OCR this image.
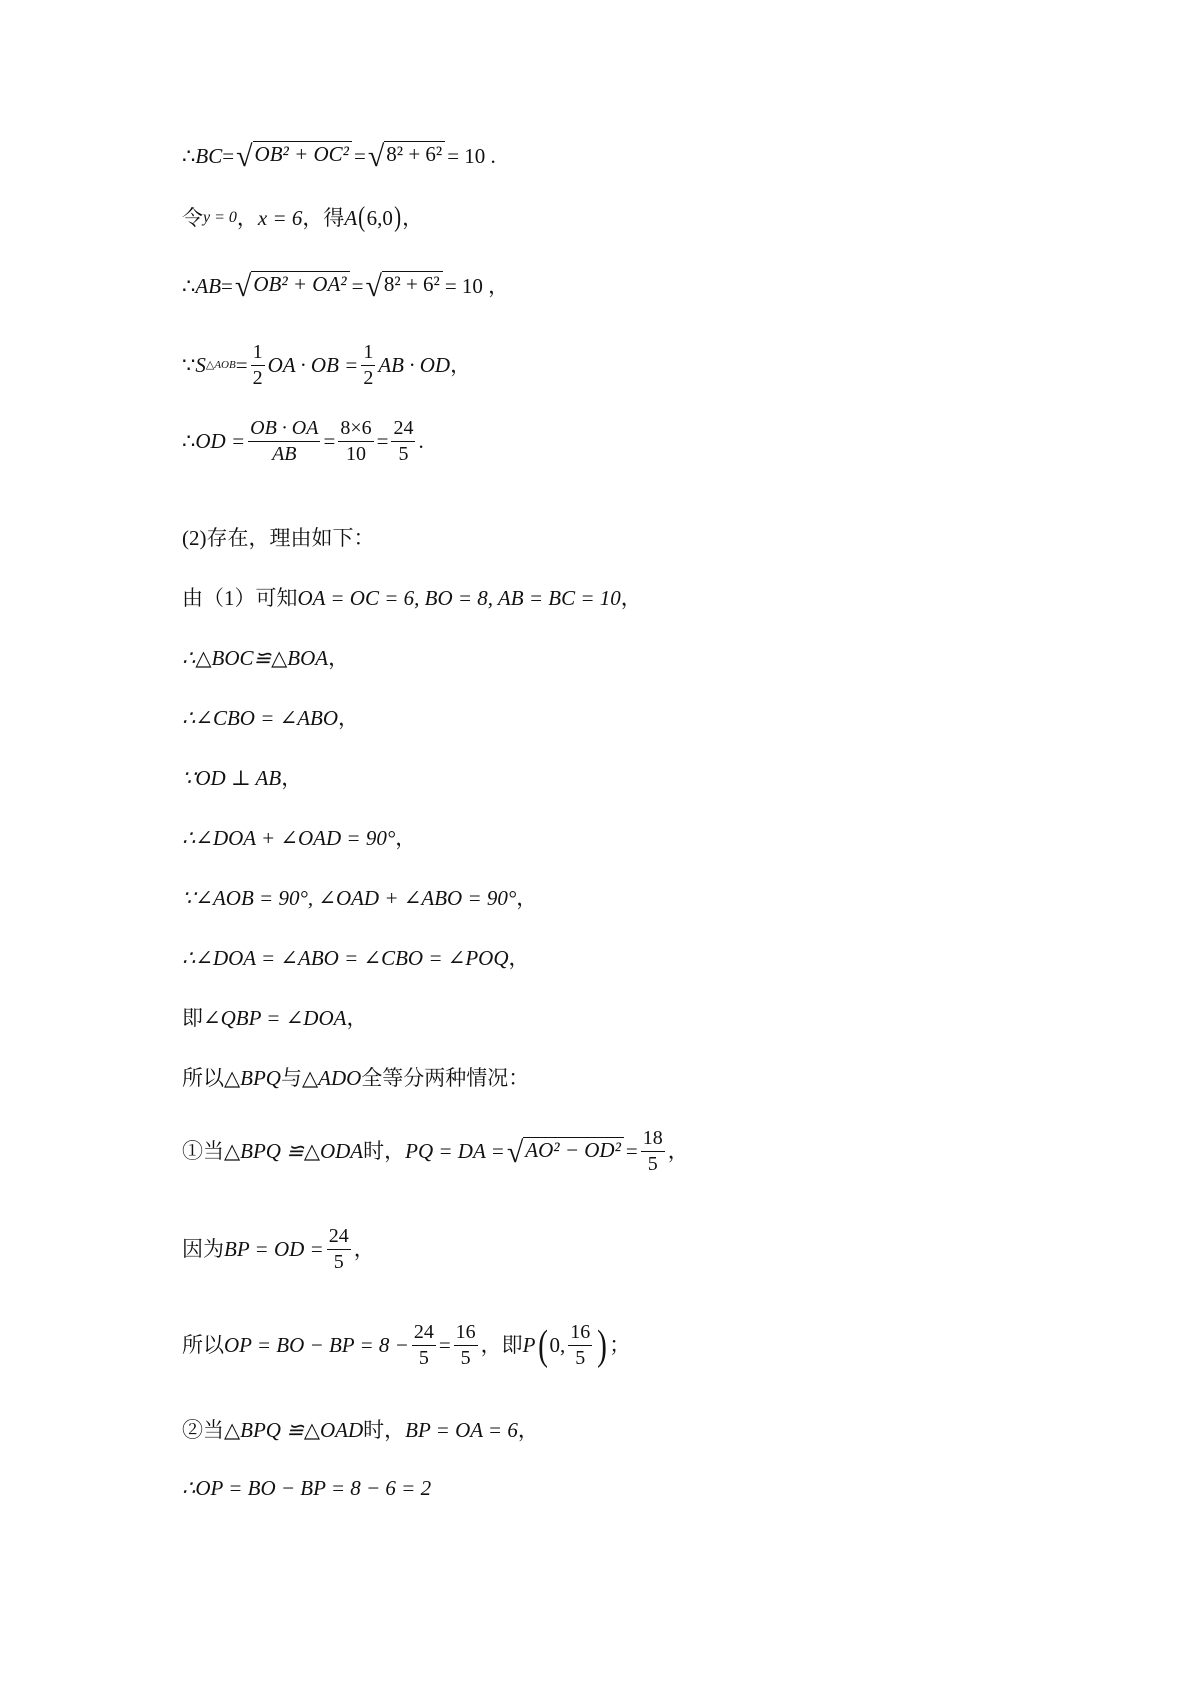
∴ BC = √ OB² + OC² = √ 8² + 6² = 10 .
令 y = 0 ， x = 6 ，得 A ( 6,0 ) ，
∴ AB = √ OB² + OA² = √ 8² + 6² = 10 ，
∵ S △AOB = $\frac{1}{2}$ OA · OB = $\frac{1}{2}$ AB · OD ，
∴ OD = $\frac{OB \cdot OA}{AB} = \frac{8\times 6}{10} = \frac{24}{5}$ .
(2)存在，理由如下：
由（1）可知 OA = OC = 6, BO = 8, AB = BC = 10 ，
∴△BOC≌△BOA ，
∴∠CBO = ∠ABO ，
∵OD ⊥ AB ，
∴∠DOA + ∠OAD = 90° ，
∵∠AOB = 90°, ∠OAD + ∠ABO = 90° ，
∴∠DOA = ∠ABO = ∠CBO = ∠POQ ，
即 ∠QBP = ∠DOA ，
所以 △BPQ 与 △ADO 全等分两种情况：
①当 △BPQ ≌△ODA 时， PQ = DA = √ $AO^2 - OD^2 = \frac{18}{5}$ ，
因为 BP = OD = $\frac{24}{5}$ ，
所以 OP = BO − BP = $8 - \frac{24}{5} = \frac{16}{5}$ ，即 P ( 0, $\frac{16}{5}$ ) ；
②当 △BPQ ≌△OAD 时， BP = OA = 6 ，
∴OP = BO − BP = 8 − 6 = 2
